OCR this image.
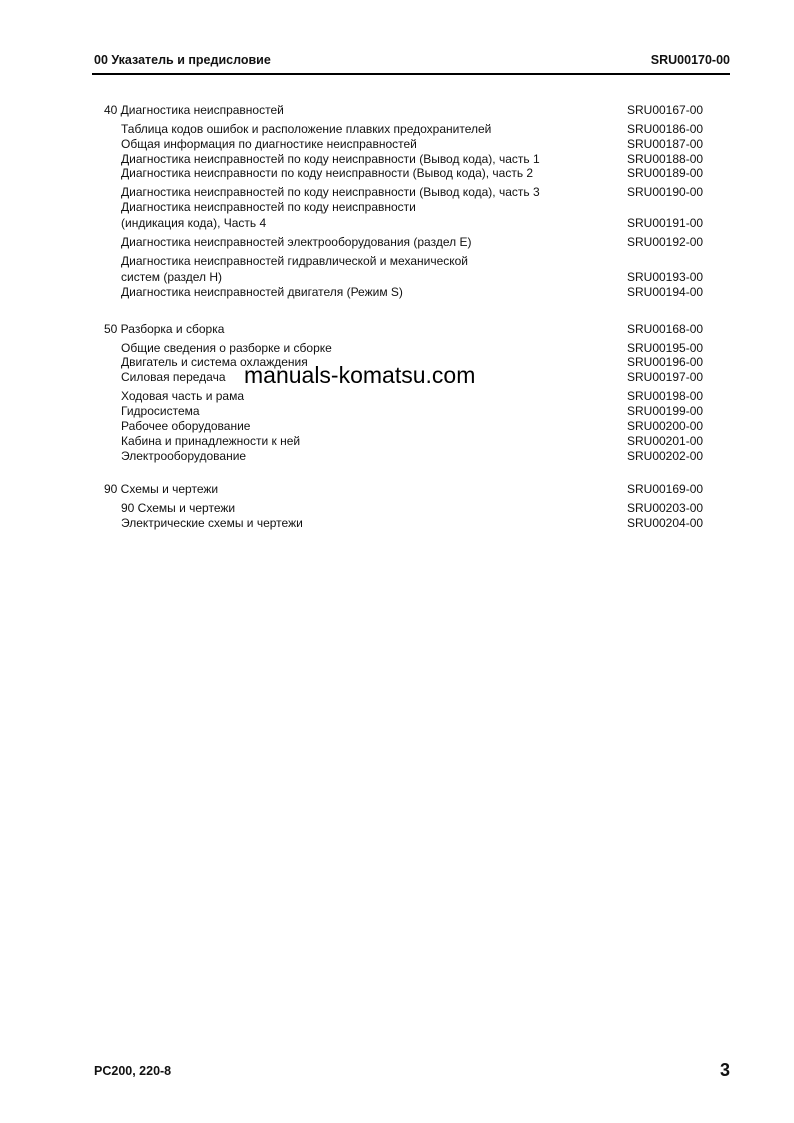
00 Указатель и предисловие	SRU00170-00
40 Диагностика неисправностей	SRU00167-00
Таблица кодов ошибок и расположение плавких предохранителей	SRU00186-00
Общая информация по диагностике неисправностей	SRU00187-00
Диагностика неисправностей по коду неисправности (Вывод кода), часть 1	SRU00188-00
Диагностика неисправности по коду неисправности (Вывод кода), часть 2	SRU00189-00
Диагностика неисправностей по коду неисправности (Вывод кода), часть 3	SRU00190-00
Диагностика неисправностей по коду неисправности
(индикация кода), Часть 4	SRU00191-00
Диагностика неисправностей электрооборудования (раздел Е)	SRU00192-00
Диагностика неисправностей гидравлической и механической
систем (раздел Н)	SRU00193-00
Диагностика неисправностей двигателя (Режим S)	SRU00194-00
50 Разборка и сборка	SRU00168-00
Общие сведения о разборке и сборке	SRU00195-00
Двигатель и система охлаждения	SRU00196-00
Силовая передача	SRU00197-00
Ходовая часть и рама	SRU00198-00
Гидросистема	SRU00199-00
Рабочее оборудование	SRU00200-00
Кабина и принадлежности к ней	SRU00201-00
Электрооборудование	SRU00202-00
90 Схемы и чертежи	SRU00169-00
90 Схемы и чертежи	SRU00203-00
Электрические схемы и чертежи	SRU00204-00
manuals-komatsu.com
PC200, 220-8	3
